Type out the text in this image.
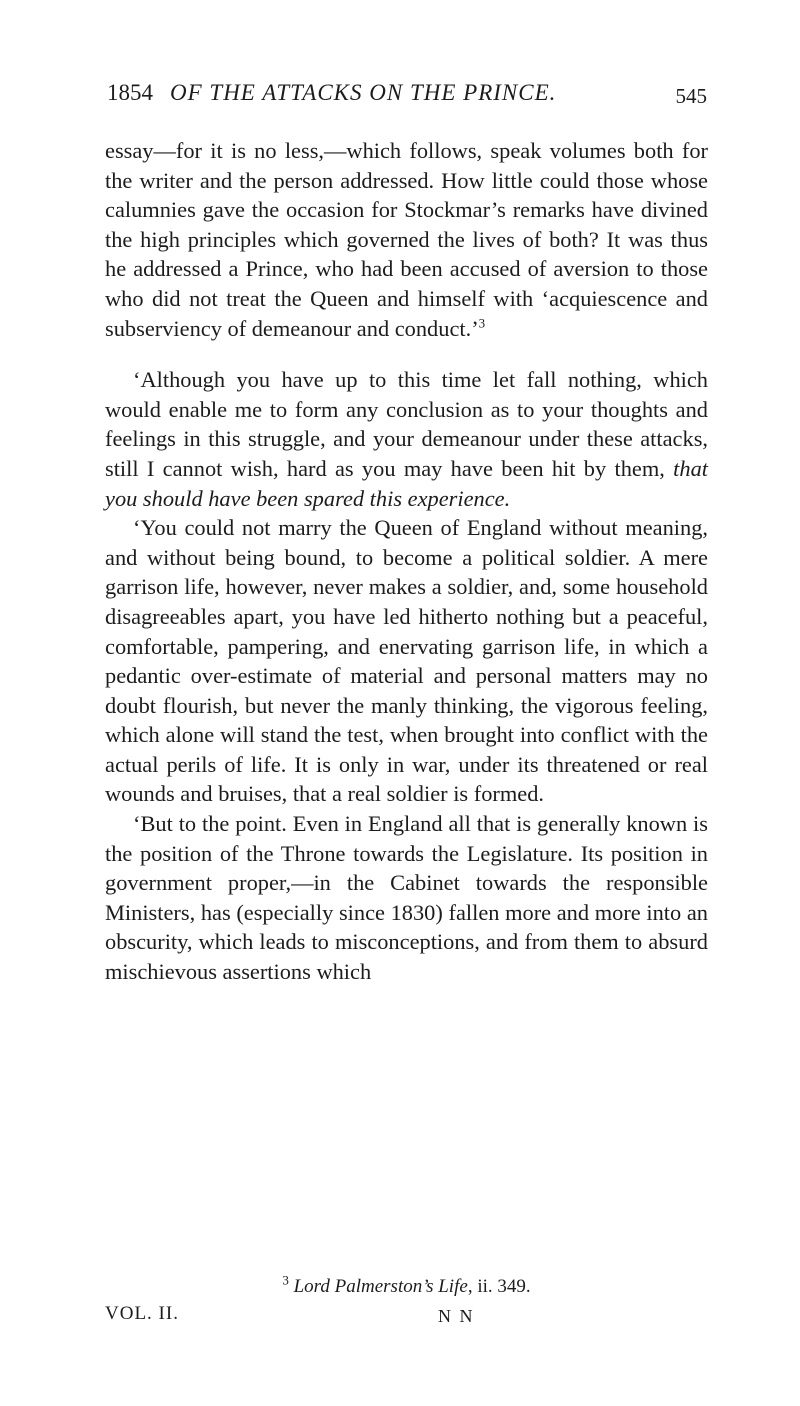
1854 OF THE ATTACKS ON THE PRINCE.	545

essay—for it is no less,—which follows, speak volumes both for the writer and the person addressed. How little could those whose calumnies gave the occasion for Stockmar’s remarks have divined the high principles which governed the lives of both? It was thus he addressed a Prince, who had been accused of aversion to those who did not treat the Queen and himself with ‘acquiescence and subserviency of demeanour and conduct.’$^3$

‘Although you have up to this time let fall nothing, which would enable me to form any conclusion as to your thoughts and feelings in this struggle, and your demeanour under these attacks, still I cannot wish, hard as you may have been hit by them, that you should have been spared this experience.

‘You could not marry the Queen of England without meaning, and without being bound, to become a political soldier. A mere garrison life, however, never makes a soldier, and, some household disagreeables apart, you have led hitherto nothing but a peaceful, comfortable, pampering, and enervating garrison life, in which a pedantic over-estimate of material and personal matters may no doubt flourish, but never the manly thinking, the vigorous feeling, which alone will stand the test, when brought into conflict with the actual perils of life. It is only in war, under its threatened or real wounds and bruises, that a real soldier is formed.

‘But to the point. Even in England all that is generally known is the position of the Throne towards the Legislature. Its position in government proper,—in the Cabinet towards the responsible Ministers, has (especially since 1830) fallen more and more into an obscurity, which leads to misconceptions, and from them to absurd mischievous assertions which

$^3$ Lord Palmerston’s Life, ii. 349.
VOL. II.	N N
